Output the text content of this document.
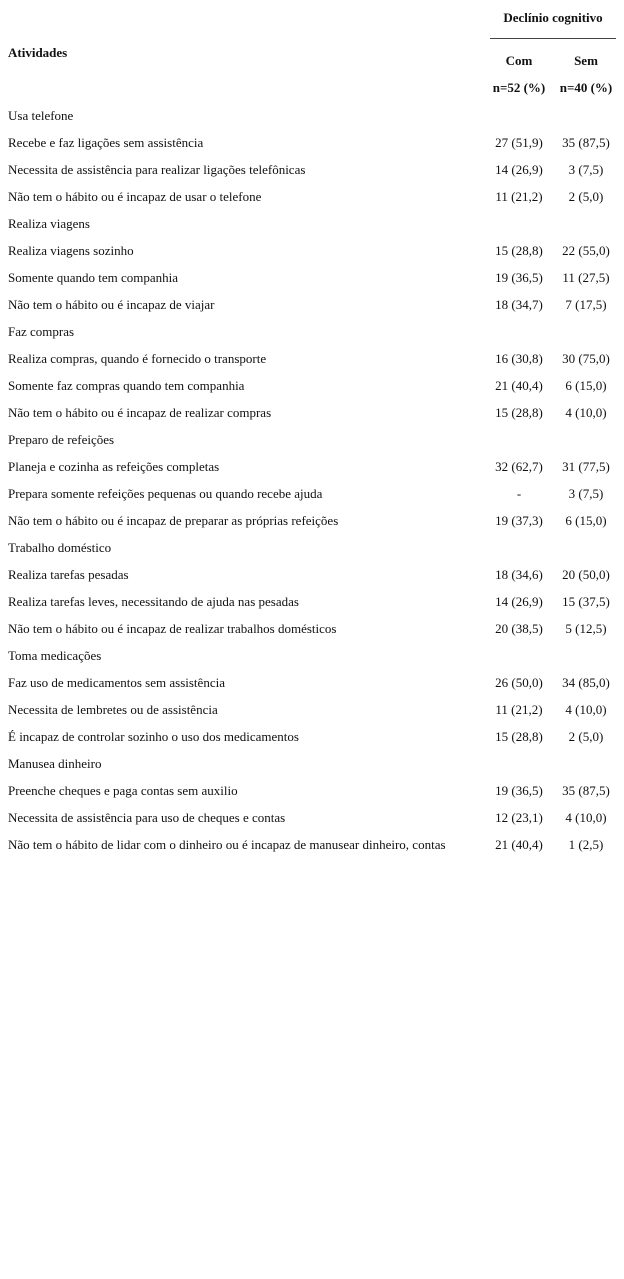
Declínio cognitivo
Atividades
Com	Sem
n=52 (%)	n=40 (%)
Usa telefone
Recebe e faz ligações sem assistência	27 (51,9)	35 (87,5)
Necessita de assistência para realizar ligações telefônicas	14 (26,9)	3 (7,5)
Não tem o hábito ou é incapaz de usar o telefone	11 (21,2)	2 (5,0)
Realiza viagens
Realiza viagens sozinho	15 (28,8)	22 (55,0)
Somente quando tem companhia	19 (36,5)	11 (27,5)
Não tem o hábito ou é incapaz de viajar	18 (34,7)	7 (17,5)
Faz compras
Realiza compras, quando é fornecido o transporte	16 (30,8)	30 (75,0)
Somente faz compras quando tem companhia	21 (40,4)	6 (15,0)
Não tem o hábito ou é incapaz de realizar compras	15 (28,8)	4 (10,0)
Preparo de refeições
Planeja e cozinha as refeições completas	32 (62,7)	31 (77,5)
Prepara somente refeições pequenas ou quando recebe ajuda	-	3 (7,5)
Não tem o hábito ou é incapaz de preparar as próprias refeições	19 (37,3)	6 (15,0)
Trabalho doméstico
Realiza tarefas pesadas	18 (34,6)	20 (50,0)
Realiza tarefas leves, necessitando de ajuda nas pesadas	14 (26,9)	15 (37,5)
Não tem o hábito ou é incapaz de realizar trabalhos domésticos	20 (38,5)	5 (12,5)
Toma medicações
Faz uso de medicamentos sem assistência	26 (50,0)	34 (85,0)
Necessita de lembretes ou de assistência	11 (21,2)	4 (10,0)
É incapaz de controlar sozinho o uso dos medicamentos	15 (28,8)	2 (5,0)
Manusea dinheiro
Preenche cheques e paga contas sem auxilio	19 (36,5)	35 (87,5)
Necessita de assistência para uso de cheques e contas	12 (23,1)	4 (10,0)
Não tem o hábito de lidar com o dinheiro ou é incapaz de manusear dinheiro, contas	21 (40,4)	1 (2,5)
